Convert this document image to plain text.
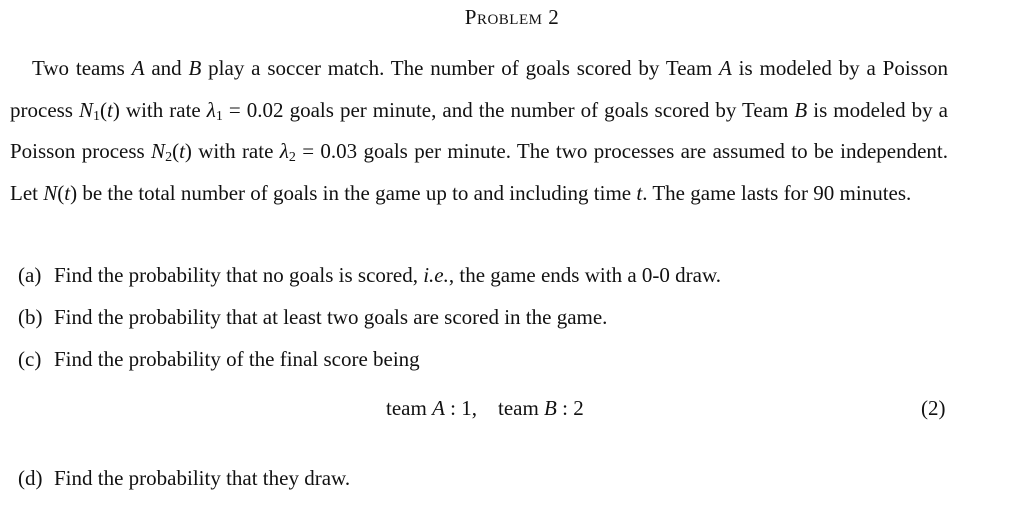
Problem 2

Two teams A and B play a soccer match. The number of goals scored by Team A is modeled by a Poisson process $N_1(t)$ with rate $\lambda_1 = 0.02$ goals per minute, and the number of goals scored by Team B is modeled by a Poisson process $N_2(t)$ with rate $\lambda_2 = 0.03$ goals per minute. The two processes are assumed to be independent. Let N(t) be the total number of goals in the game up to and including time t. The game lasts for 90 minutes.

(a) Find the probability that no goals is scored, i.e., the game ends with a 0-0 draw.
(b) Find the probability that at least two goals are scored in the game.
(c) Find the probability of the final score being
(d) Find the probability that they draw.
team A : 1, team B : 2	(2)
